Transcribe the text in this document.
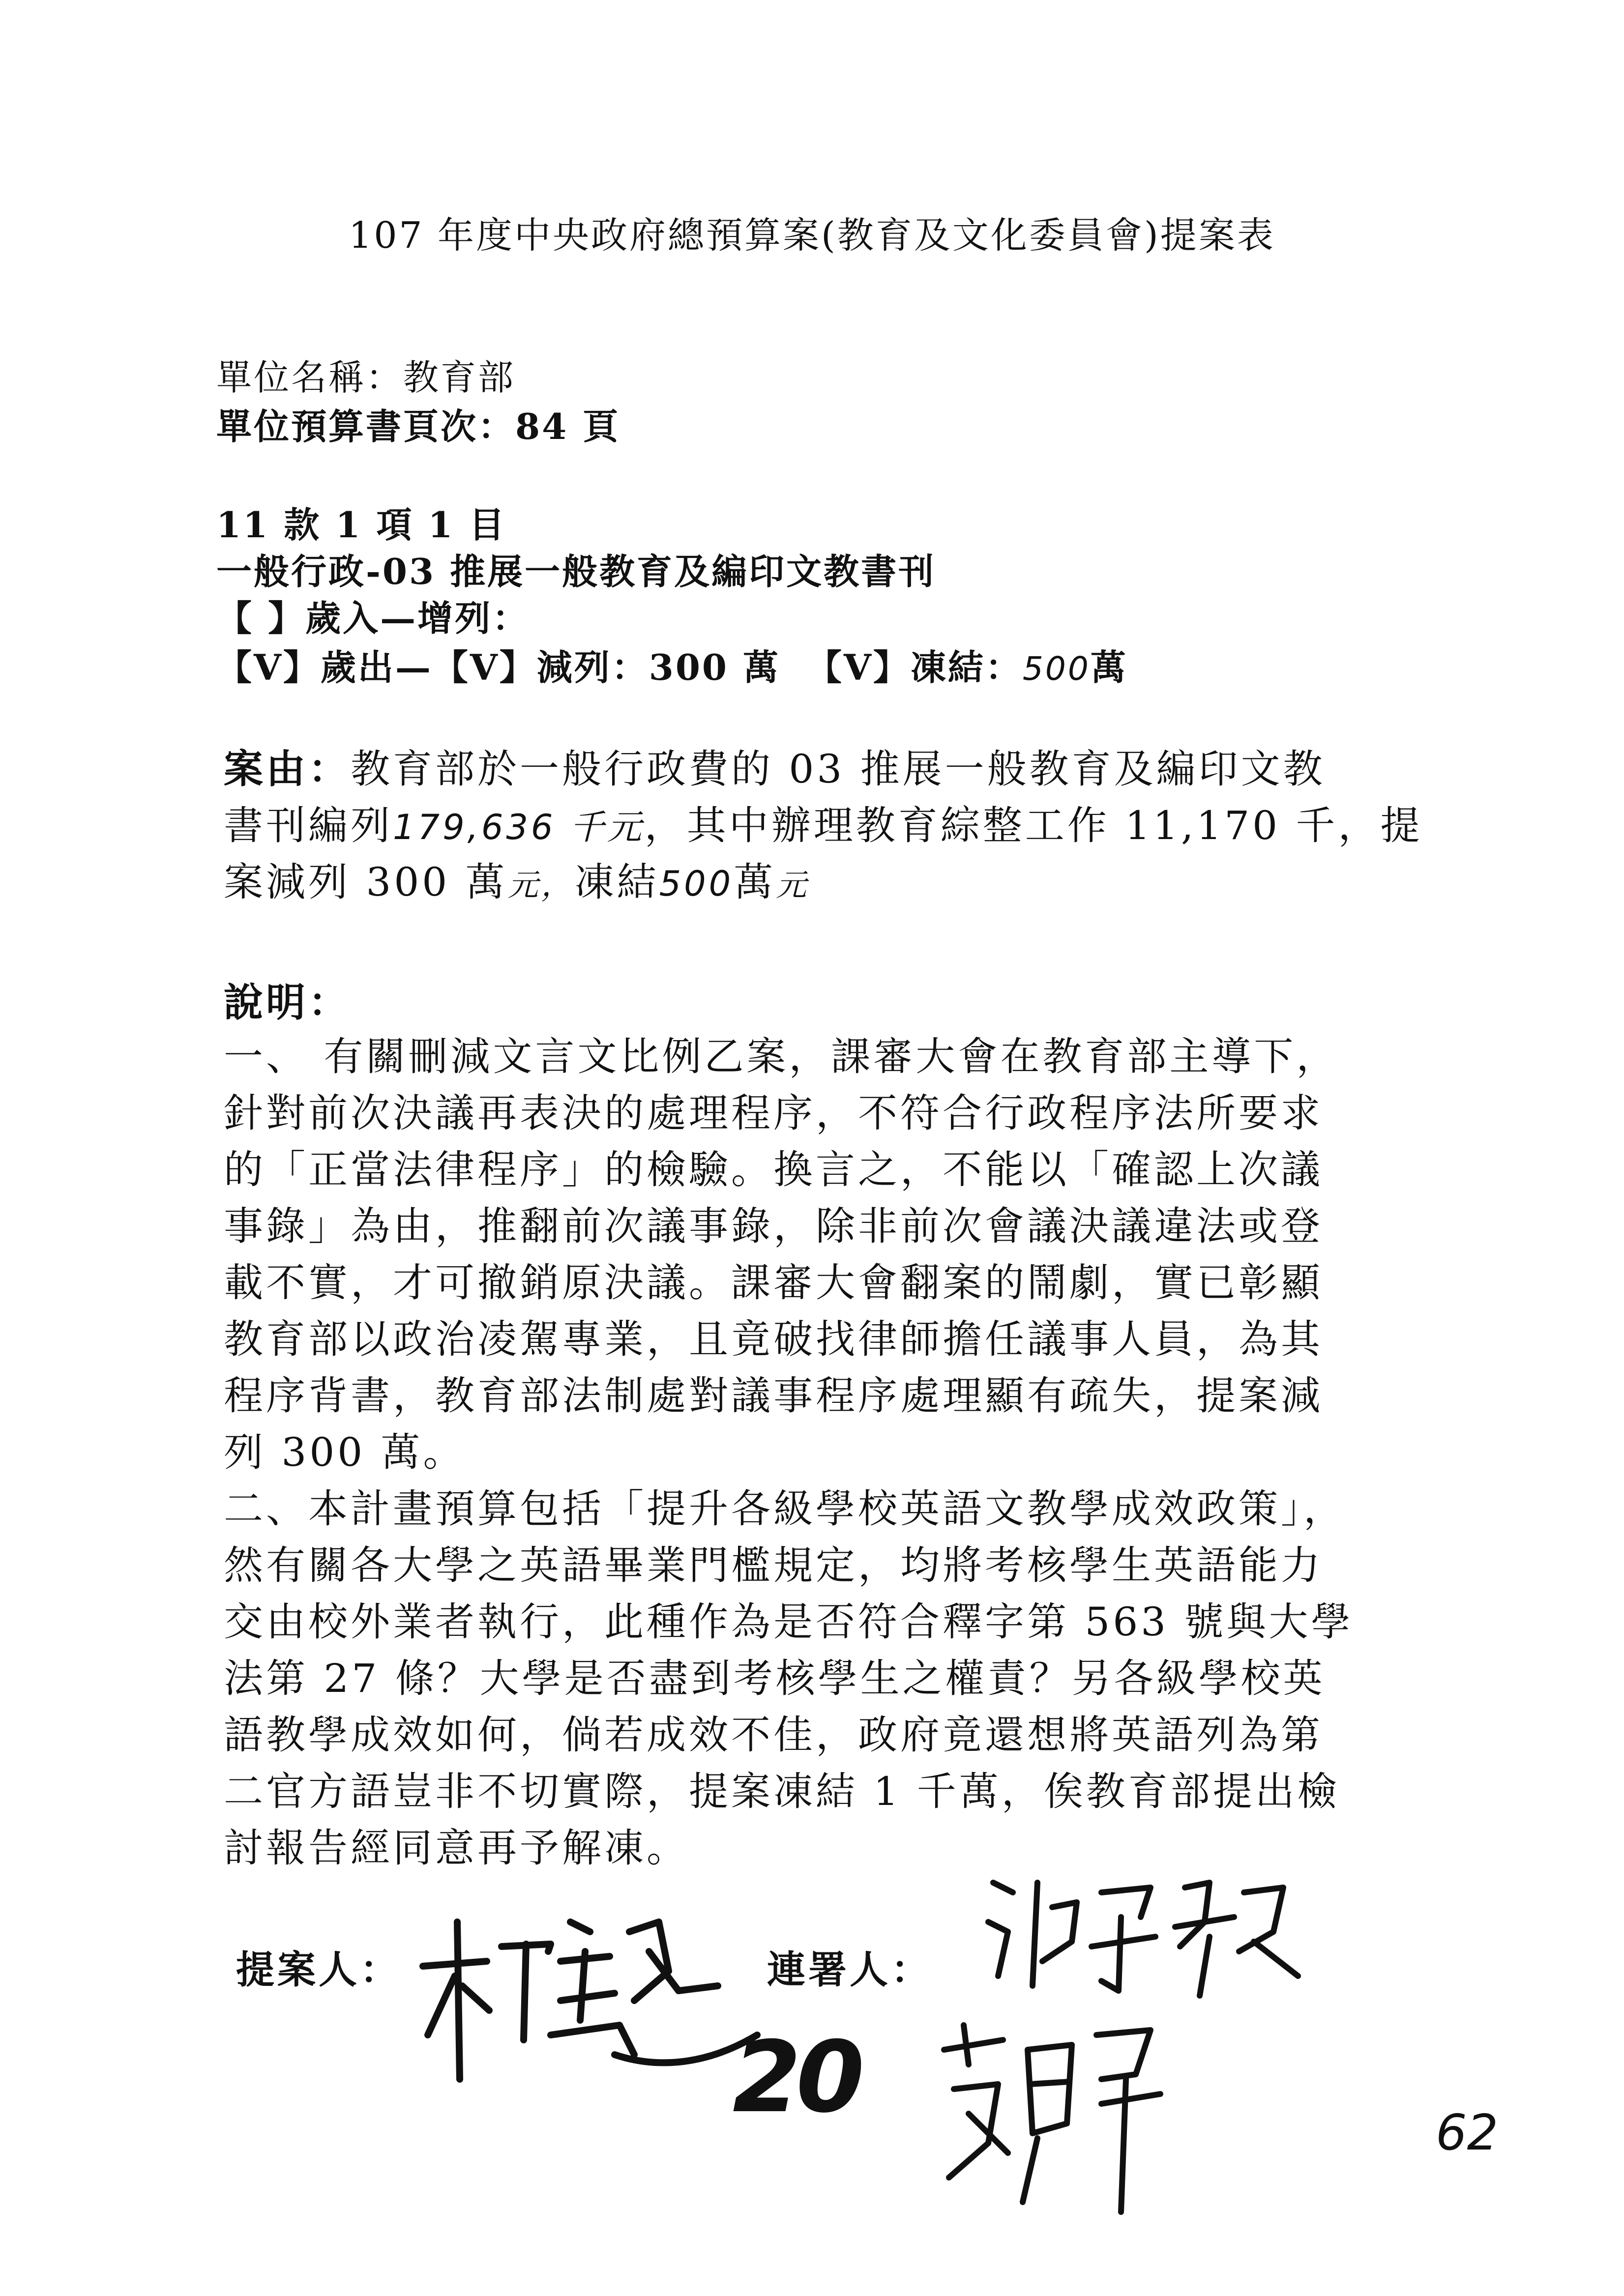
107 年度中央政府總預算案(教育及文化委員會)提案表
單位名稱：教育部
單位預算書頁次：84 頁
11 款 1 項 1 目
一般行政-03 推展一般教育及編印文教書刊
【 】歲入—增列：
【V】歲出—【V】減列：300 萬 【V】凍結：500萬
案由：教育部於一般行政費的 03 推展一般教育及編印文教
書刊編列179,636 千元，其中辦理教育綜整工作 11,170 千，提
案減列 300 萬元，凍結500萬元
說明：
一、 有關刪減文言文比例乙案，課審大會在教育部主導下，
針對前次決議再表決的處理程序，不符合行政程序法所要求
的「正當法律程序」的檢驗。換言之，不能以「確認上次議
事錄」為由，推翻前次議事錄，除非前次會議決議違法或登
載不實，才可撤銷原決議。課審大會翻案的鬧劇，實已彰顯
教育部以政治凌駕專業，且竟破找律師擔任議事人員，為其
程序背書，教育部法制處對議事程序處理顯有疏失，提案減
列 300 萬。
二、本計畫預算包括「提升各級學校英語文教學成效政策」，
然有關各大學之英語畢業門檻規定，均將考核學生英語能力
交由校外業者執行，此種作為是否符合釋字第 563 號與大學
法第 27 條？大學是否盡到考核學生之權責？另各級學校英
語教學成效如何，倘若成效不佳，政府竟還想將英語列為第
二官方語豈非不切實際，提案凍結 1 千萬，俟教育部提出檢
討報告經同意再予解凍。
提案人：	連署人：
20	62
